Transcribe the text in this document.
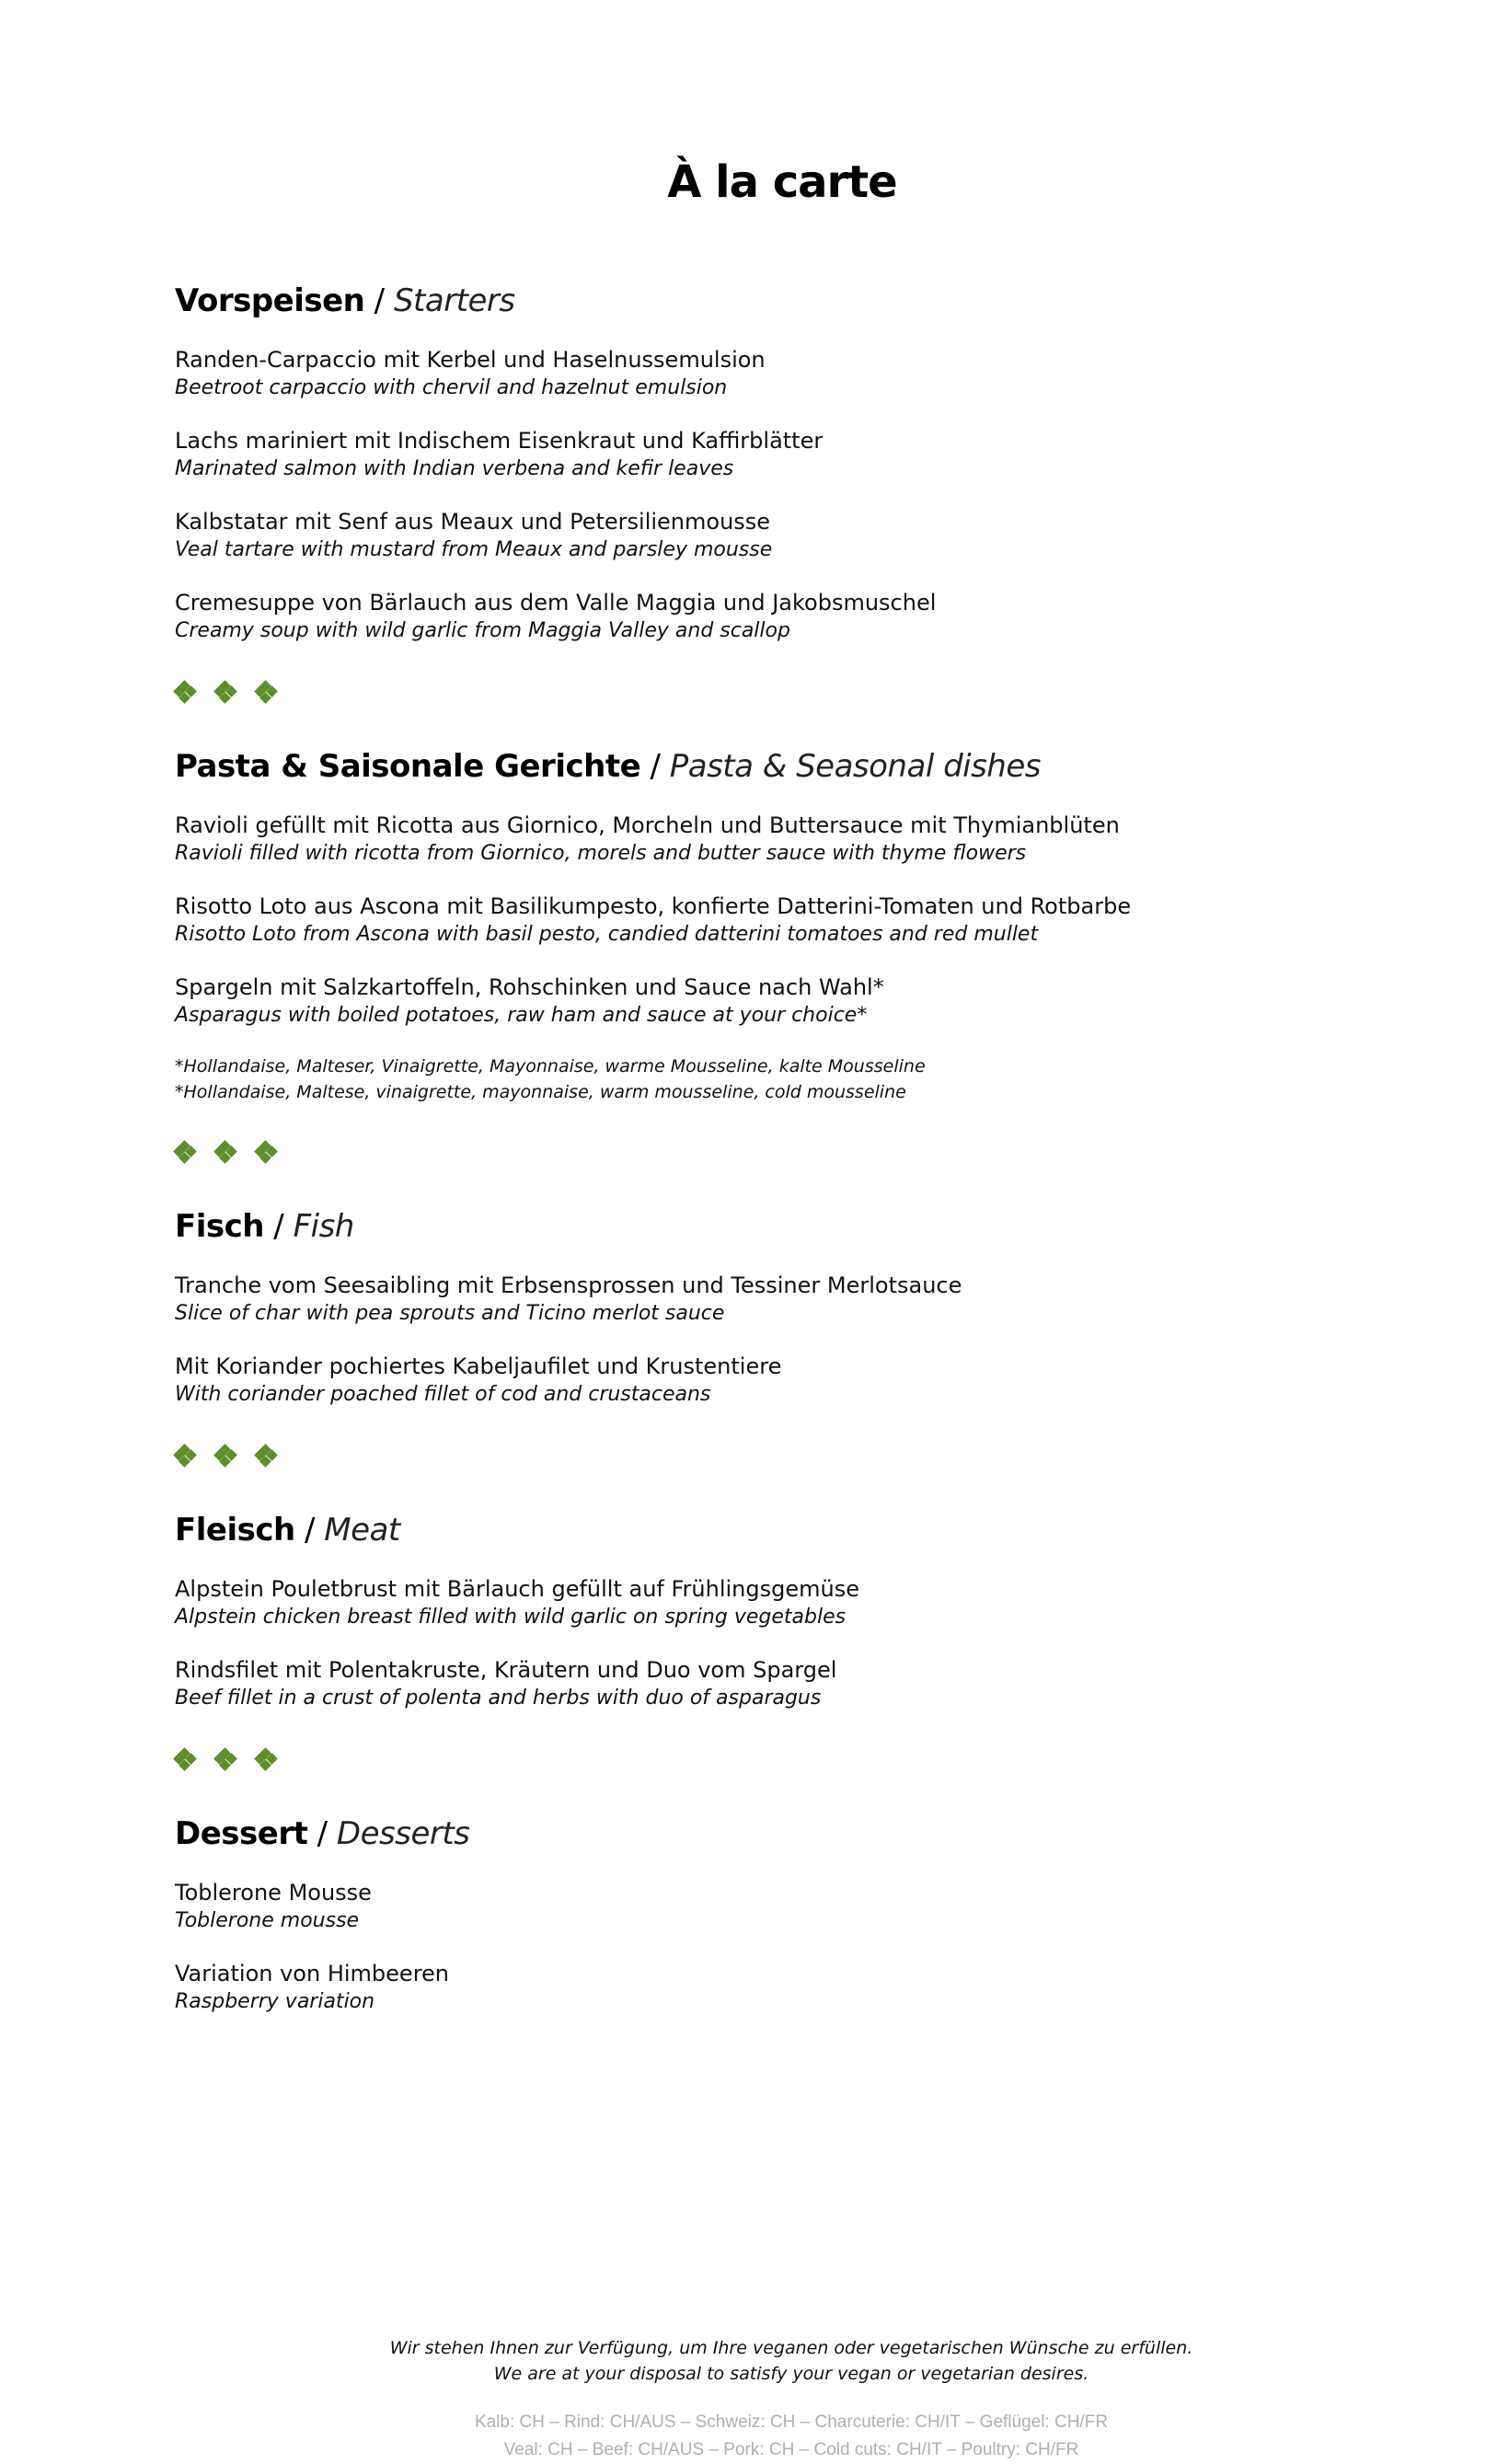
À la carte
Vorspeisen / Starters
Randen-Carpaccio mit Kerbel und Haselnussemulsion
Beetroot carpaccio with chervil and hazelnut emulsion
Lachs mariniert mit Indischem Eisenkraut und Kaffirblätter
Marinated salmon with Indian verbena and kefir leaves
Kalbstatar mit Senf aus Meaux und Petersilienmousse
Veal tartare with mustard from Meaux and parsley mousse
Cremesuppe von Bärlauch aus dem Valle Maggia und Jakobsmuschel
Creamy soup with wild garlic from Maggia Valley and scallop
Pasta & Saisonale Gerichte / Pasta & Seasonal dishes
Ravioli gefüllt mit Ricotta aus Giornico, Morcheln und Buttersauce mit Thymianblüten
Ravioli filled with ricotta from Giornico, morels and butter sauce with thyme flowers
Risotto Loto aus Ascona mit Basilikumpesto, konfierte Datterini-Tomaten und Rotbarbe
Risotto Loto from Ascona with basil pesto, candied datterini tomatoes and red mullet
Spargeln mit Salzkartoffeln, Rohschinken und Sauce nach Wahl*
Asparagus with boiled potatoes, raw ham and sauce at your choice*
*Hollandaise, Malteser, Vinaigrette, Mayonnaise, warme Mousseline, kalte Mousseline
*Hollandaise, Maltese, vinaigrette, mayonnaise, warm mousseline, cold mousseline
Fisch / Fish
Tranche vom Seesaibling mit Erbsensprossen und Tessiner Merlotsauce
Slice of char with pea sprouts and Ticino merlot sauce
Mit Koriander pochiertes Kabeljaufilet und Krustentiere
With coriander poached fillet of cod and crustaceans
Fleisch / Meat
Alpstein Pouletbrust mit Bärlauch gefüllt auf Frühlingsgemüse
Alpstein chicken breast filled with wild garlic on spring vegetables
Rindsfilet mit Polentakruste, Kräutern und Duo vom Spargel
Beef fillet in a crust of polenta and herbs with duo of asparagus
Dessert / Desserts
Toblerone Mousse
Toblerone mousse
Variation von Himbeeren
Raspberry variation
Wir stehen Ihnen zur Verfügung, um Ihre veganen oder vegetarischen Wünsche zu erfüllen.
We are at your disposal to satisfy your vegan or vegetarian desires.
Kalb: CH – Rind: CH/AUS – Schweiz: CH – Charcuterie: CH/IT – Geflügel: CH/FR
Veal: CH – Beef: CH/AUS – Pork: CH – Cold cuts: CH/IT – Poultry: CH/FR
